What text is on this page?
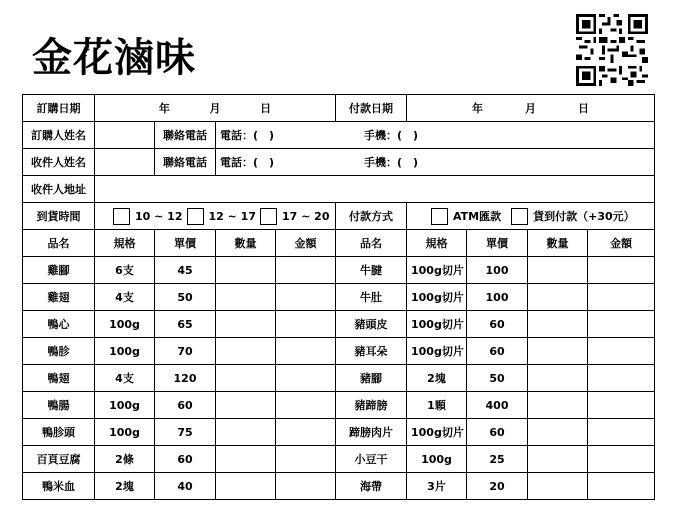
金花滷味
訂購日期	年 月 日				付款日期	年 月 日			

訂購人姓名		聯絡電話	電話：(　) 手機：(　)						

收件人姓名		聯絡電話	電話：(　) 手機：(　)						

收件人地址									
到貨時間	10 ~ 12 12 ~ 17 17 ~ 20				付款方式	ATM匯款 貨到付款（+30元）			

品名	規格	單價	數量	金額	品名	規格	單價	數量	金額
雞腳	6支	45			牛腱	100g切片	100		
雞翅	4支	50			牛肚	100g切片	100		
鴨心	100g	65			豬頭皮	100g切片	60		
鴨胗	100g	70			豬耳朵	100g切片	60		
鴨翅	4支	120			豬腳	2塊	50		
鴨腸	100g	60			豬蹄膀	1顆	400		
鴨胗頭	100g	75			蹄膀肉片	100g切片	60		
百頁豆腐	2條	60			小豆干	100g	25		
鴨米血	2塊	40			海帶	3片	20		
